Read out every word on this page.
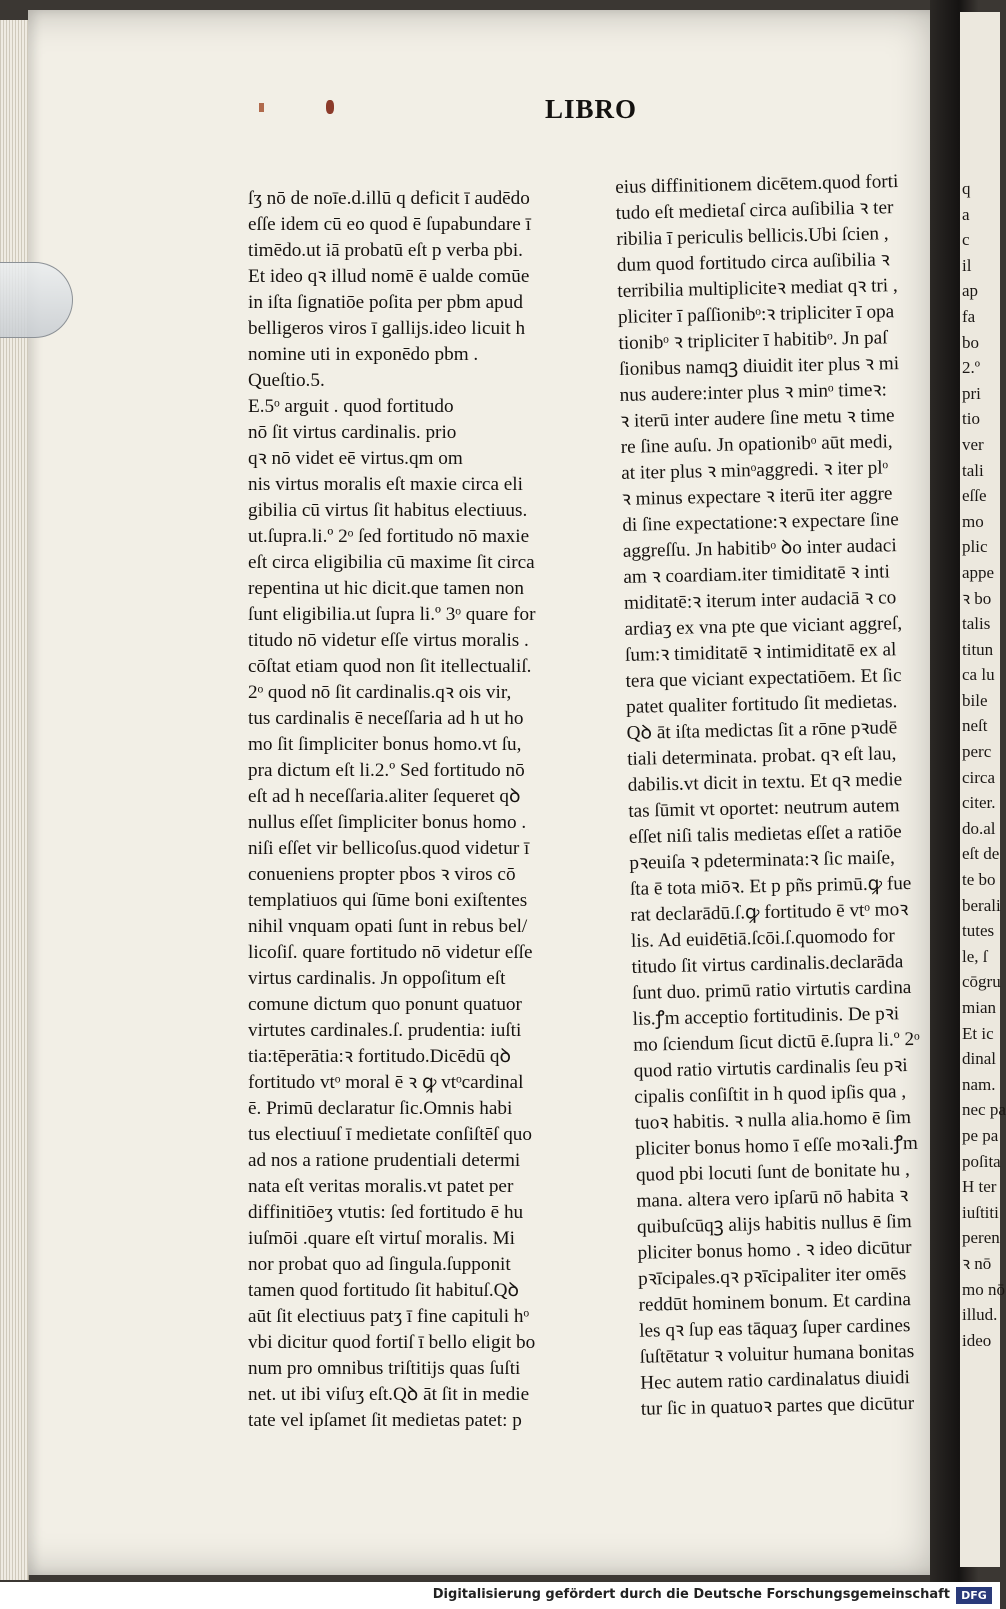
LIBRO
ſʒ nō de noīe.d.illū q deficit ī audēdo
eſſe idem cū eo quod ē ſupabundare ī
timēdo.ut iā probatū eſt p verba pbi.
Et ideo qꝛ illud nomē ē ualde comūe
in iſta ſignatiōe poſita per pbm apud
belligeros viros ī gallijs.ideo licuit h
nomine uti in exponēdo pbm .
Queſtio.5.
E.5ᵒ arguit . quod fortitudo
nō ſit virtus cardinalis. prio
qꝛ nō videt eē virtus.qm om
nis virtus moralis eſt maxie circa eli
gibilia cū virtus ſit habitus electiuus.
ut.ſupra.li.º 2ᵒ ſed fortitudo nō maxie
eſt circa eligibilia cū maxime ſit circa
repentina ut hic dicit.que tamen non
ſunt eligibilia.ut ſupra li.º 3ᵒ quare for
titudo nō videtur eſſe virtus moralis .
cōſtat etiam quod non ſit itellectualiſ.
2ᵒ quod nō ſit cardinalis.qꝛ ois vir,
tus cardinalis ē neceſſaria ad h ut ho
mo ſit ſimpliciter bonus homo.vt ſu,
pra dictum eſt li.2.º Sed fortitudo nō
eſt ad h neceſſaria.aliter ſequeret qꝺ
nullus eſſet ſimpliciter bonus homo .
niſi eſſet vir bellicoſus.quod videtur ī
conueniens propter pbos ꝛ viros cō
templatiuos qui ſūme boni exiſtentes
nihil vnquam opati ſunt in rebus bel/
licoſiſ. quare fortitudo nō videtur eſſe
virtus cardinalis. Jn oppoſitum eſt
comune dictum quo ponunt quatuor
virtutes cardinales.ſ. prudentia: iuſti
tia:tēperātia:ꝛ fortitudo.Dicēdū qꝺ
fortitudo vtᵒ moral ē ꝛ ꝙ vtᵒcardinal
ē. Primū declaratur ſic.Omnis habi
tus electiuuſ ī medietate conſiſtēſ quo
ad nos a ratione prudentiali determi
nata eſt veritas moralis.vt patet per
diffinitiōeʒ vtutis: ſed fortitudo ē hu
iuſmōi .quare eſt virtuſ moralis. Mi
nor probat quo ad ſingula.ſupponit
tamen quod fortitudo ſit habituſ.Qꝺ
aūt ſit electiuus patʒ ī fine capituli hᵒ
vbi dicitur quod fortiſ ī bello eligit bo
num pro omnibus triſtitijs quas ſuſti
net. ut ibi viſuʒ eſt.Qꝺ āt ſit in medie
tate vel ipſamet ſit medietas patet: p
eius diffinitionem dicētem.quod forti
tudo eſt medietaſ circa auſibilia ꝛ ter
ribilia ī periculis bellicis.Ubi ſcien ,
dum quod fortitudo circa auſibilia ꝛ
terribilia multipliciteꝛ mediat qꝛ tri ,
pliciter ī paſſionibᵒ:ꝛ tripliciter ī opa
tionibᵒ ꝛ tripliciter ī habitibᵒ. Jn paſ
ſionibus namqꝫ diuidit iter plus ꝛ mi
nus audere:inter plus ꝛ minᵒ timeꝛ:
ꝛ iterū inter audere ſine metu ꝛ time
re ſine auſu. Jn opationibᵒ aūt medi,
at iter plus ꝛ minᵒaggredi. ꝛ iter plᵒ
ꝛ minus expectare ꝛ iterū iter aggre
di ſine expectatione:ꝛ expectare ſine
aggreſſu. Jn habitibᵒ ꝺo inter audaci
am ꝛ coardiam.iter timiditatē ꝛ inti
miditatē:ꝛ iterum inter audaciā ꝛ co
ardiaʒ ex vna pte que viciant aggreſ,
ſum:ꝛ timiditatē ꝛ intimiditatē ex al
tera que viciant expectatiōem. Et ſic
patet qualiter fortitudo ſit medietas.
Qꝺ āt iſta medictas ſit a rōne pꝛudē
tiali determinata. probat. qꝛ eſt lau,
dabilis.vt dicit in textu. Et qꝛ medie
tas ſūmit vt oportet: neutrum autem
eſſet niſi talis medietas eſſet a ratiōe
pꝛeuiſa ꝛ pdeterminata:ꝛ ſic maiſe,
ſta ē tota miōꝛ. Et p pñs primū.ꝙ fue
rat declarādū.ſ.ꝙ fortitudo ē vtᵒ moꝛ
lis. Ad euidētiā.ſcōi.ſ.quomodo for
titudo ſit virtus cardinalis.declarāda
ſunt duo. primū ratio virtutis cardina
lis.ꝭm acceptio fortitudinis. De pꝛi
mo ſciendum ſicut dictū ē.ſupra li.º 2ᵒ
quod ratio virtutis cardinalis ſeu pꝛi
cipalis conſiſtit in h quod ipſis qua ,
tuoꝛ habitis. ꝛ nulla alia.homo ē ſim
pliciter bonus homo ī eſſe moꝛali.ꝭm
quod pbi locuti ſunt de bonitate hu ,
mana. altera vero ipſarū nō habita ꝛ
quibuſcūqꝫ alijs habitis nullus ē ſim
pliciter bonus homo . ꝛ ideo dicūtur
pꝛīcipales.qꝛ pꝛīcipaliter iter omēs
reddūt hominem bonum. Et cardina
les qꝛ ſup eas tāquaʒ ſuper cardines
ſuſtētatur ꝛ voluitur humana bonitas
Hec autem ratio cardinalatus diuidi
tur ſic in quatuoꝛ partes que dicūtur
q
a
c
il
ap
fa
bo
2.º
pri
tio
ver
tali
eſſe
mo
plic
appe
ꝛ bo
talis
titun
ca lu
bile
neſt
perc
circa
citer.
do.al
eſt de
te bo
berali
tutes
le, ſ
cōgru
mian
Et ic
dinal
nam.
nec pa
pe pa
poſita
H ter
iuſtiti
peren
ꝛ nō
mo nō
illud.
ideo
Digitalisierung gefördert durch die Deutsche Forschungsgemeinschaft	DFG
